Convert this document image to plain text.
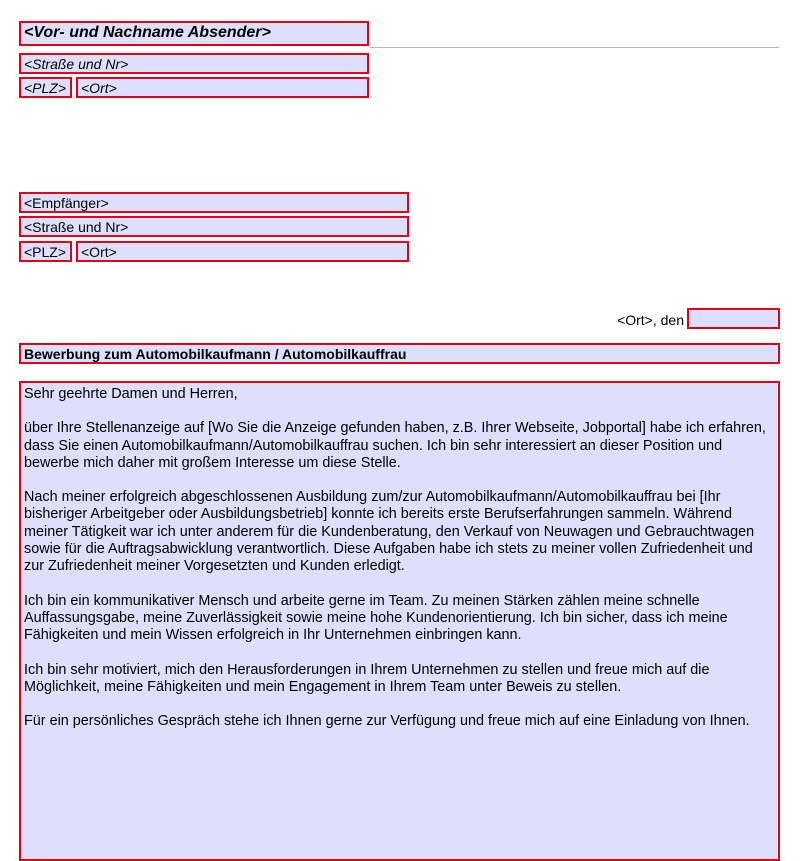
<Vor- und Nachname Absender>
<Straße und Nr>
<PLZ>	<Ort>
<Empfänger>
<Straße und Nr>
<PLZ>	<Ort>
<Ort>, den
Bewerbung zum Automobilkaufmann / Automobilkauffrau

Sehr geehrte Damen und Herren,

über Ihre Stellenanzeige auf [Wo Sie die Anzeige gefunden haben, z.B. Ihrer Webseite, Jobportal] habe ich erfahren, dass Sie einen Automobilkaufmann/Automobilkauffrau suchen. Ich bin sehr interessiert an dieser Position und bewerbe mich daher mit großem Interesse um diese Stelle.

Nach meiner erfolgreich abgeschlossenen Ausbildung zum/zur Automobilkaufmann/Automobilkauffrau bei [Ihr bisheriger Arbeitgeber oder Ausbildungsbetrieb] konnte ich bereits erste Berufserfahrungen sammeln. Während meiner Tätigkeit war ich unter anderem für die Kundenberatung, den Verkauf von Neuwagen und Gebrauchtwagen sowie für die Auftragsabwicklung verantwortlich. Diese Aufgaben habe ich stets zu meiner vollen Zufriedenheit und zur Zufriedenheit meiner Vorgesetzten und Kunden erledigt.

Ich bin ein kommunikativer Mensch und arbeite gerne im Team. Zu meinen Stärken zählen meine schnelle Auffassungsgabe, meine Zuverlässigkeit sowie meine hohe Kundenorientierung. Ich bin sicher, dass ich meine Fähigkeiten und mein Wissen erfolgreich in Ihr Unternehmen einbringen kann.

Ich bin sehr motiviert, mich den Herausforderungen in Ihrem Unternehmen zu stellen und freue mich auf die Möglichkeit, meine Fähigkeiten und mein Engagement in Ihrem Team unter Beweis zu stellen.

Für ein persönliches Gespräch stehe ich Ihnen gerne zur Verfügung und freue mich auf eine Einladung von Ihnen.
